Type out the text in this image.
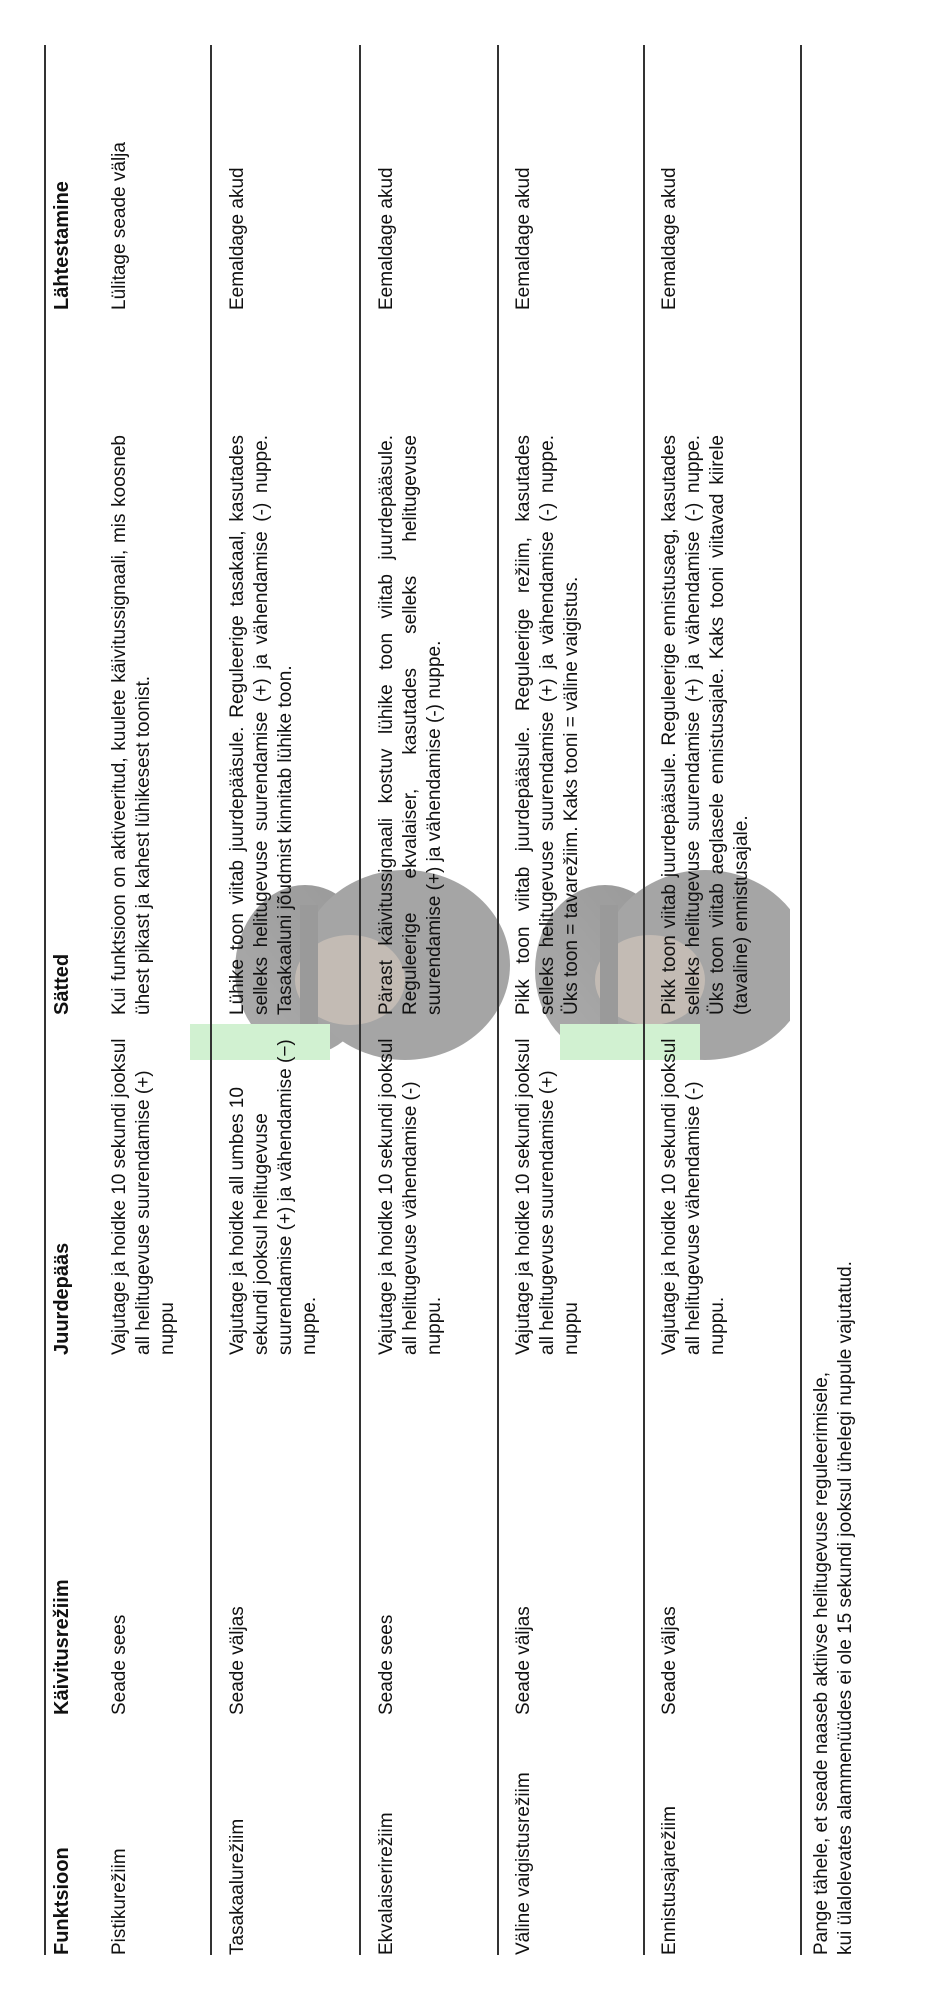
Funktsioon
Käivitusrežiim
Juurdepääs
Sätted
Lähtestamine
Pistikurežiim
Seade sees
Vajutage ja hoidke 10 sekundi jooksul all helitugevuse suurendamise (+) nuppu
Kui funktsioon on aktiveeritud, kuulete käivitussignaali, mis koosneb ühest pikast ja kahest lühikesest toonist.
Lülitage seade välja
Tasakaalurežiim
Seade väljas
Vajutage ja hoidke all umbes 10 sekundi jooksul helitugevuse suurendamise (+) ja vähendamise (−) nuppe.
Lühike toon viitab juurdepääsule. Reguleerige tasakaal, kasutades selleks helitugevuse suurendamise (+) ja vähendamise (-) nuppe. Tasakaaluni jõudmist kinnitab lühike toon.
Eemaldage akud
Ekvalaiserirežiim
Seade sees
Vajutage ja hoidke 10 sekundi jooksul all helitugevuse vähendamise (-) nuppu.
Pärast käivitussignaali kostuv lühike toon viitab juurdepääsule. Reguleerige ekvalaiser, kasutades selleks helitugevuse suurendamise (+) ja vähendamise (-) nuppe.
Eemaldage akud
Väline vaigistusrežiim
Seade väljas
Vajutage ja hoidke 10 sekundi jooksul all helitugevuse suurendamise (+) nuppu
Pikk toon viitab juurdepääsule. Reguleerige režiim, kasutades selleks helitugevuse suurendamise (+) ja vähendamise (-) nuppe. Üks toon = tavarežiim. Kaks tooni = väline vaigistus.
Eemaldage akud
Ennistusajarežiim
Seade väljas
Vajutage ja hoidke 10 sekundi jooksul all helitugevuse vähendamise (-) nuppu.
Pikk toon viitab juurdepääsule. Reguleerige ennistusaeg, kasutades selleks helitugevuse suurendamise (+) ja vähendamise (-) nuppe. Üks toon viitab aeglasele ennistusajale. Kaks tooni viitavad kiirele (tavaline) ennistusajale.
Eemaldage akud
Pange tähele, et seade naaseb aktiivse helitugevuse reguleerimisele, kui ülalolevates alammenüüdes ei ole 15 sekundi jooksul ühelegi nupule vajutatud.
